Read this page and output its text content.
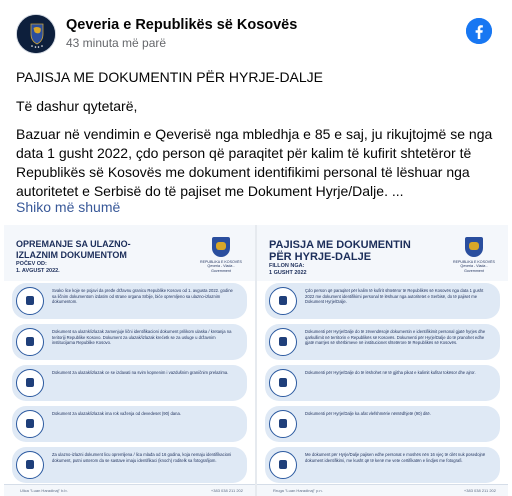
Qeveria e Republikës së Kosovës
43 minuta më parë
PAJISJA ME DOKUMENTIN PËR HYRJE-DALJE
Të dashur qytetarë,
Bazuar në vendimin e Qeverisë nga mbledhja e 85 e saj, ju rikujtojmë se nga data 1 gusht 2022, çdo person që paraqitet për kalim të kufirit shtetëror të Republikës së Kosovës me dokument identifikimi personal të lëshuar nga autoritetet e Serbisë do të pajiset me Dokument Hyrje/Dalje. ...
Shiko më shumë
OPREMANJE SA ULAZNO-IZLAZNIM DOKUMENTOM
POČEV OD:
1. AVGUST 2022.
REPUBLIKA E KOSOVËS Qeveria - Vlada - Government
Svako lice koje se pojavi da pređe državnu granicu Republike Kosovo od 1. avgusta 2022. godine sa ličnim dokumentom izdatim od strane organa Srbije, biće opremljeno sa ulazno-izlaznim dokumentom.
Dokument sa ulaznk/izlazak zamenjuje lični identifikacioni dokument prilikom ulaska / kretanja na teritoriji Republike Kosovo. Dokument za ulazak/izlazak krećetk se za usluge u državnim institucijama Republike Kosovo.
Dokument za ulazak/izlazak ce se izdavati na svim kopnenim i vazdušnim graničnim prelazima.
Dokument za ulazak/izlazak ima rok važenja od devedeset (90) dana.
Za ulazno-izlazni dokument licu opremljena / lica mlađa od 16 godina, koja nemaju identifikacioni dokument, putni usterom da se sastave imaju identifikaci (knoch) roditelk sa fotografijom.
Ulica "Luan Haradinaj" b.b.	+383 038 211 202
PAJISJA ME DOKUMENTIN PËR HYRJE-DALJE
FILLON NGA:
1 GUSHT 2022
REPUBLIKA E KOSOVËS Qeveria - Vlada - Government
Çdo person që paraqitet për kalim të kufirit shtetëror të Republikës së Kosovës nga data 1 gusht 2022 me dokument identifikimi personal të lëshuar nga autoritetet e Serbisë, do të pajiset me Dokument Hyrje/Dalje.
Dokumenti për Hyrje/Dalje do të zëvendësojë dokumentin e identifikimit personal gjatë hyrjes dhe qarkullimit në territorin e Republikës së Kosovës. Dokumenti për Hyrje/Dalje do të pranohet edhe gjatë marrjes së shërbimeve në institucionet shtetërore të Republikës së Kosovës.
Dokumenti për Hyrje/Dalje do të lëshohet në të gjitha pikat e kalimit kufitar tokësor dhe ajror.
Dokumenti për Hyrje/Dalje ka afat vlefshmërie nëntëdhjetë (90) ditë.
Me dokument për Hyrje/Dalje pajisen edhe personat e moshës nën 16 vjeç të cilët nuk posedojnë dokument identifikimi, me kusht që të kenë me vete certifikatën e lindjes me fotografi.
Rruga "Luan Haradinaj" p.n.	+383 038 211 202
